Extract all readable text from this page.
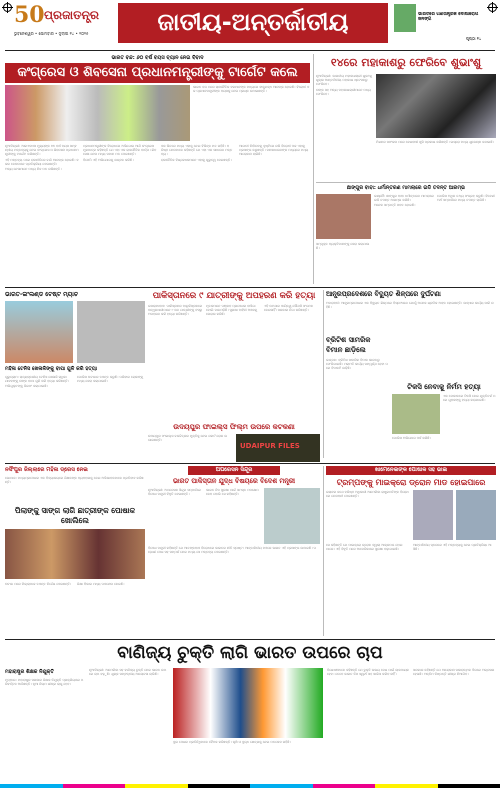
50 ପ୍ରଜାତନ୍ତ୍ର
ଭୁବନେଶ୍ୱର • ସୋମବାର • ଜୁଲାଇ ୧୪ • ୨୦୨୫	ଜାତୀୟ-ଅନ୍ତର୍ଜାତୀୟ	ଭାରତରେ ଗଣତାନ୍ତ୍ରିକ ଦୋଷାରୋପ ଜନଙ୍ଗ
ପୃଷ୍ଠା ୧୪
ଭାରତ ବନ୍ଦ: ୬୦ ବର୍ଷ ବୟସ ବ୍ୟାନ ନେଇ ବିବାଦ
କଂଗ୍ରେସ ଓ ଶିବସେନା ପ୍ରଧାନମନ୍ତ୍ରୀଙ୍କୁ ଟାର୍ଗେଟ କଲେ

ଭାରତ ବନ୍ଦ ପରେ ରାଜନୈତିକ ଦଳମାନଙ୍କ ମଧ୍ୟରେ ବାକ୍ଯୁଦ୍ଧ ଆରମ୍ଭ ହୋଇଛି। ବିରୋଧୀ ଦଳ ପ୍ରଧାନମନ୍ତ୍ରୀଙ୍କ ବୟସକୁ ନେଇ ପ୍ରଶ୍ନ ଉଠାଇଛନ୍ତି।

ନୂଆଦିଲ୍ଲୀ: ଆରଏସଏସ ମୁଖ୍ୟଙ୍କ ୭୫ ବର୍ଷ ବୟସ ସମ୍ବନ୍ଧୀୟ ମନ୍ତବ୍ୟକୁ ନେଇ କଂଗ୍ରେସ ଓ ଶିବସେନା ପ୍ରଧାନମନ୍ତ୍ରୀଙ୍କୁ ଟାର୍ଗେଟ କରିଛନ୍ତି।

ଏହି ମନ୍ତବ୍ୟ ପରେ ରାଜନୀତିରେ ଚର୍ଚ୍ଚା ଆରମ୍ଭ ହୋଇଛି। ଦଳର ନେତାମାନେ ପ୍ରତିକ୍ରିୟା ଦେଇଛନ୍ତି।

ଅନ୍ୟ ନେତାମାନେ ମଧ୍ୟ ନିଜ ମତ ରଖିଛନ୍ତି।

ପ୍ରଧାନମନ୍ତ୍ରୀଙ୍କ ବିରୋଧରେ ଅଭିଯୋଗ ଆଣି କଂଗ୍ରେସ ମୁଖପାତ୍ର କହିଛନ୍ତି ଯେ ଏହା ଏକ ରାଜନୈତିକ ବାର୍ତ୍ତା। ଶିବସେନା ନେତା ମଧ୍ୟ ସମାନ ମତ ଦେଇଛନ୍ତି।

ବିଜେପି ଏହି ଅଭିଯୋଗକୁ ଖଣ୍ଡନ କରିଛି।

ଦଳ ଭିତରେ ମଧ୍ୟ ଏହାକୁ ନେଇ ବିଭିନ୍ନ ମତ ରହିଛି। ବରିଷ୍ଠ ନେତାମାନେ କହିଛନ୍ତି ଯେ ଏହା ଏକ ସାଧାରଣ ମନ୍ତବ୍ୟ।

ରାଜନୈତିକ ବିଶ୍ଳେଷକମାନେ ଏହାକୁ ଗୁରୁତ୍ୱ ଦେଇଛନ୍ତି।

ଆଗାମୀ ନିର୍ବାଚନକୁ ଦୃଷ୍ଟିରେ ରଖି ବିରୋଧୀ ଦଳ ଏହାକୁ ପ୍ରସଙ୍ଗ କରୁଛନ୍ତି। ଜନସାଧାରଣଙ୍କ ମଧ୍ୟରେ ମଧ୍ୟ ଆଲୋଚନା ଚାଲିଛି।

୧୪ରେ ମହାକାଶରୁ ଫେରିବେ ଶୁଭାଂଶୁ

ନୂଆଦିଲ୍ଲୀ: ଭାରତୀୟ ମହାକାଶଚାରୀ ଶୁଭାଂଶୁ ଶୁକ୍ଳା ଆନ୍ତର୍ଜାତୀୟ ମହାକାଶ ଷ୍ଟେସନରୁ ଫେରିବେ।

ତାଙ୍କ ସହ ଅନ୍ୟ ମହାକାଶଚାରୀମାନେ ମଧ୍ୟ ଫେରିବେ।

ମିଶନର ସଫଳତା ପରେ ଦେଶବାସୀ ଖୁସି ପ୍ରକାଶ କରିଛନ୍ତି। ଇସ୍ରୋ ମଧ୍ୟ ଶୁଭେଚ୍ଛା ଜଣାଇଛି।

ଛାଙ୍ଗୁର ବାବା: ଧର୍ମାନ୍ତରଣ ମାମଲାରେ ଇଡି ତଦନ୍ତ ଆରମ୍ଭ

ଲକ୍ଷ୍ନୌ: ଛାଙ୍ଗୁର ବାବା ଧର୍ମାନ୍ତରଣ ମାମଲାରେ ଇଡି ତଦନ୍ତ ଆରମ୍ଭ କରିଛି।

ଅନେକ ସମ୍ପତ୍ତି ଜବତ ହୋଇଛି।

ପୋଲିସ ଅଧିକ ତଥ୍ୟ ସଂଗ୍ରହ କରୁଛି। ବିଦେଶୀ ଅର୍ଥ ସମ୍ପର୍କରେ ମଧ୍ୟ ତଦନ୍ତ ଚାଲିଛି।

ସମ୍ପୃକ୍ତ ବ୍ୟକ୍ତିମାନଙ୍କୁ ଜେରା କରାଯାଉଛି।

ଭାରତ-ଇଂଲଣ୍ଡ ଟେଷ୍ଟ ମ୍ୟାଚ
ମହିଳା ଟେନିସ ଖେଳାଳିଙ୍କୁ ବାପା ଗୁଳି କରି ହତ୍ୟା

ଗୁରୁଗ୍ରାମ: ରାଜ୍ୟସ୍ତରୀୟ ଟେନିସ ଖେଳାଳି ରାଧିକା ଯାଦବଙ୍କୁ ତାଙ୍କ ବାପା ଗୁଳି କରି ହତ୍ୟା କରିଛନ୍ତି।

ଅଭିଯୁକ୍ତଙ୍କୁ ଗିରଫ କରାଯାଇଛି।

ପୋଲିସ ଘଟଣାର ତଦନ୍ତ କରୁଛି। ପରିବାର ଲୋକଙ୍କୁ ମଧ୍ୟ ଜେରା କରାଯାଇଛି।

ପାକିସ୍ତାନରେ ୯ ଯାତ୍ରୀଙ୍କୁ ଅପହରଣ କରି ହତ୍ୟା

ଇସଲାମାବାଦ: ପାକିସ୍ତାନର ବାଲୁଚିସ୍ତାନରେ ବନ୍ଧୁକଧାରୀମାନେ ୯ ଜଣ ଯାତ୍ରୀଙ୍କୁ ବସରୁ ଅପହରଣ କରି ହତ୍ୟା କରିଛନ୍ତି।

ମୃତକମାନେ ପଞ୍ଜାବ ପ୍ରଦେଶର ବାସିନ୍ଦା ବୋଲି ଜଣାପଡ଼ିଛି। ସୁରକ୍ଷା ବାହିନୀ ଅଞ୍ଚଳକୁ ଘେରାଉ କରିଛି।

ଏହି ଘଟଣାର ଦାୟିତ୍ୱ କୌଣସି ସଂଗଠନ ନେଇନାହିଁ। ସରକାର ନିନ୍ଦା କରିଛନ୍ତି।

ଆନ୍ଧ୍ରପ୍ରଦେଶରେ ବିଦ୍ୟୁତ ଶିଳ୍ପରେ ଦୁର୍ଘଟଣା

ଅମରାବତୀ: ଆନ୍ଧ୍ରପ୍ରଦେଶର ଏକ ବିଦ୍ୟୁତ ଶିଳ୍ପରେ ବିସ୍ଫୋରଣ ଯୋଗୁଁ ଅନେକ ଶ୍ରମିକ ଆହତ ହୋଇଛନ୍ତି। ଉଦ୍ଧାର କାର୍ଯ୍ୟ ଜାରି ରହିଛି।

ବ୍ରିଟିଶ ସାମରିକ ବିମାନ ଛାଡ଼ିଲେ

ଲଣ୍ଡନ: ବ୍ରିଟିଶ ସାମରିକ ବିମାନ ଭାରତରୁ ଫେରିଯାଇଛି। ମରାମତି କାର୍ଯ୍ୟ ସମ୍ପୂର୍ଣ୍ଣ ହେବା ପରେ ବିମାନଟି ଉଡ଼ିଛି।

ଟିକସି ନେବାକୁ ନିର୍ମମ ହତ୍ୟା

ଏକ ଦୋକାନରେ ଟିକସି ନେଇ ଯୁକ୍ତିତର୍କ ପରେ ଯୁବକଙ୍କୁ ହତ୍ୟା କରାଯାଇଛି।

ପୋଲିସ ଅଭିଯୋଗ ଦର୍ଜ କରିଛି।

ଉଦୟପୁର ଫାଇଲ୍ସ ଫିଲ୍ମ ଉପରେ କଟକଣା

ଉଦୟପୁର ଫାଇଲ୍ସ ଚଳଚ୍ଚିତ୍ରର ମୁକ୍ତିକୁ ନେଇ କୋର୍ଟ ରୋକ ଲଗାଇଛନ୍ତି।

UDAIPUR FILES
ନର୍ସିଂପୁର ଜିଲ୍ଲାରେ ମହିଳା ଡ୍ରେସ ନେଇ

ଭୋପାଳ: ମଧ୍ୟପ୍ରଦେଶର ଏକ ବିଦ୍ୟାଳୟରେ ଶିକ୍ଷକଙ୍କ ବ୍ୟବହାରକୁ ନେଇ ଅଭିଭାବକମାନେ ପ୍ରତିବାଦ କରିଛନ୍ତି।

ପିଲାଙ୍କୁ ସାଙ୍ଗ ଲାଗି ଛାତ୍ରୀଙ୍କ ପୋଷାକ ଖୋଲିଲେ

ଘଟଣା ପରେ ଜିଲ୍ଲାପାଳ ତଦନ୍ତ ନିର୍ଦ୍ଦେଶ ଦେଇଛନ୍ତି।	ଶିକ୍ଷା ବିଭାଗ ମଧ୍ୟ ପଦକ୍ଷେପ ନେଇଛି।

ଅପରେସନ ସିନ୍ଦୂର
ଭାରତ ପାକିସ୍ତାନ ଯୁଦ୍ଧ ବିଷୟରେ ବିଦେଶ ମନ୍ତ୍ରୀ

ନୂଆଦିଲ୍ଲୀ: ଅପରେସନ ସିନ୍ଦୂର ସମ୍ପର୍କରେ ବିଦେଶ ମନ୍ତ୍ରୀ ବିବୃତି ଦେଇଛନ୍ତି।

ଭାରତ ନିଜ ସୁରକ୍ଷା ପାଇଁ ସମସ୍ତ ପଦକ୍ଷେପ ନେବ ବୋଲି ସେ କହିଛନ୍ତି।

ବିଦେଶ ମନ୍ତ୍ରୀ କହିଛନ୍ତି ଯେ ଆତଙ୍କବାଦ ବିରୋଧରେ ଭାରତର ନୀତି ସ୍ପଷ୍ଟ। ଆନ୍ତର୍ଜାତୀୟ ମଞ୍ଚରେ ଭାରତ ଏହି ପ୍ରସଙ୍ଗ ଉଠାଇଛି। ପଡ଼ୋଶୀ ଦେଶ ସହ ସମ୍ପର୍କ ନେଇ ମଧ୍ୟ ସେ ମନ୍ତବ୍ୟ ଦେଇଛନ୍ତି।

ଖାମେନେଇଙ୍କ ପୋଷାକ ସହ ଭାଇ
ଟ୍ରମ୍ପଙ୍କୁ ମାଇକ୍ରୋ ଡ୍ରୋନ ମାଡ ହୋଇପାରେ

ଇରାନର ଜଣେ ବରିଷ୍ଠ ଅଧିକାରୀ ଆମେରିକା ରାଷ୍ଟ୍ରପତିଙ୍କ ବିରୋଧରେ ଚେତାବନୀ ଦେଇଛନ୍ତି।

ସେ କହିଛନ୍ତି ଯେ ମାଇକ୍ରୋ ଡ୍ରୋନ ଦ୍ୱାରା ଆକ୍ରମଣ ହୋଇପାରେ। ଏହି ବିବୃତି ପରେ ଆମେରିକାରେ ସୁରକ୍ଷା ବଢ଼ାଯାଇଛି।

ଆନ୍ତର୍ଜାତୀୟ ସ୍ତରରେ ଏହି ମନ୍ତବ୍ୟକୁ ନେଇ ପ୍ରତିକ୍ରିୟା ଆସିଛି।

ବାଣିଜ୍ୟ ଚୁକ୍ତି ଲାଗି ଭାରତ ଉପରେ ଚାପ
ମହାରାଷ୍ଟ୍ର ଶିକ୍ଷକ ନିଯୁକ୍ତି

ମୁମ୍ବାଇ: ମହାରାଷ୍ଟ୍ର ସରକାର ଶିକ୍ଷକ ନିଯୁକ୍ତି ପ୍ରକ୍ରିୟାରେ ପରିବର୍ତ୍ତନ ଆଣିଛନ୍ତି। ନୂଆ ନିୟମ ଶୀଘ୍ର ଲାଗୁ ହେବ।

ନୂଆଦିଲ୍ଲୀ: ଆମେରିକା ସହ ବାଣିଜ୍ୟ ଚୁକ୍ତି ନେଇ ଭାରତ ଉପରେ ଚାପ ବଢ଼ୁଛି। ଶୁଳ୍କ ସମ୍ବନ୍ଧୀୟ ଆଲୋଚନା ଚାଲିଛି।

ଦୁଇ ଦେଶର ପ୍ରତିନିଧିମାନେ ବୈଠକ କରିଛନ୍ତି। କୃଷି ଓ ଦୁଗ୍ଧ କ୍ଷେତ୍ରକୁ ନେଇ ମତଭେଦ ରହିଛି।

ବିଶେଷଜ୍ଞମାନେ କହିଛନ୍ତି ଯେ ଚୁକ୍ତି ଉଭୟ ଦେଶ ପାଇଁ ଲାଭଦାୟକ ହେବ। ତେବେ ଭାରତ ନିଜ ସ୍ୱାର୍ଥ ସହ ସାଲିସ କରିବ ନାହିଁ।

ସରକାର କହିଛନ୍ତି ଯେ ଆଲୋଚନା ସକାରାତ୍ମକ ଦିଗରେ ଅଗ୍ରସର ହେଉଛି। ଅନ୍ତିମ ନିଷ୍ପତ୍ତି ଶୀଘ୍ର ନିଆଯିବ।
